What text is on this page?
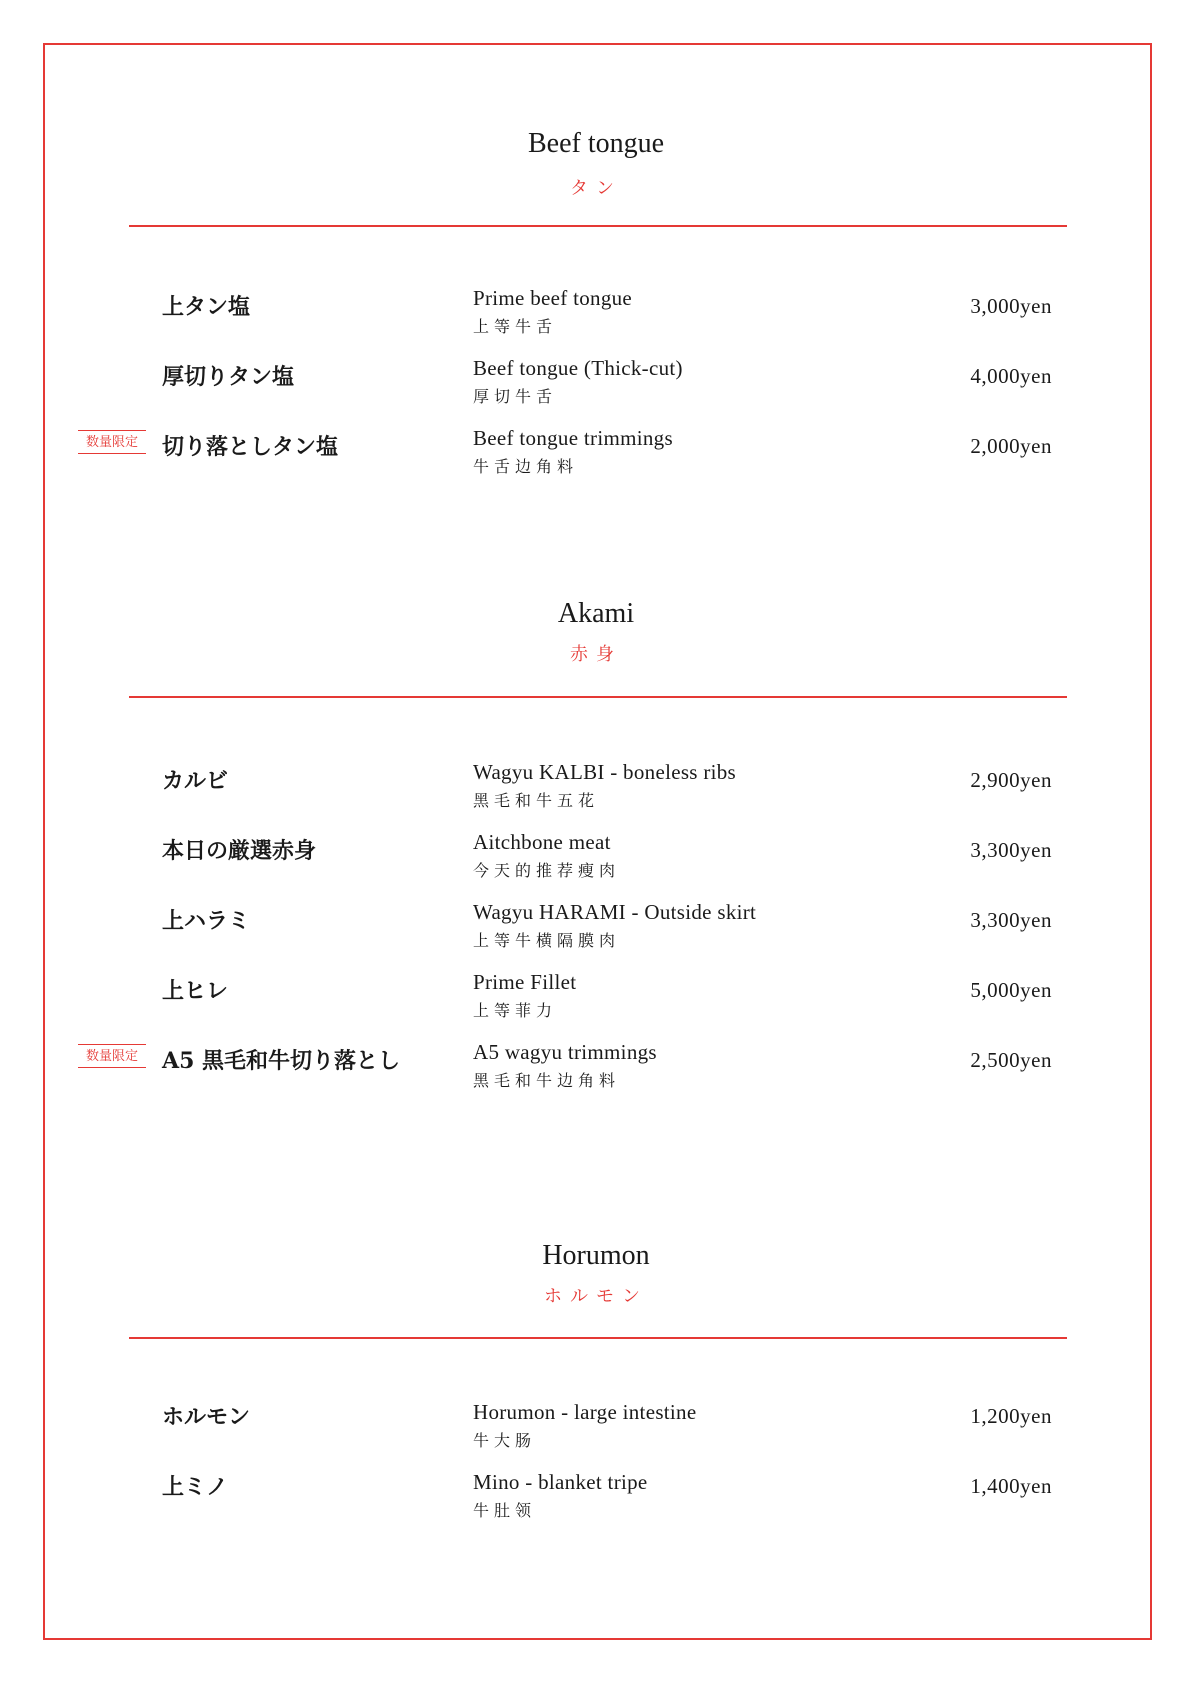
Beef tongue
タン
上タン塩	Prime beef tongue
上等牛舌
3,000yen
厚切りタン塩	Beef tongue (Thick-cut)
厚切牛舌
4,000yen
数量限定	切り落としタン塩	Beef tongue trimmings
牛舌边角料
2,000yen
Akami
赤身
カルビ	Wagyu KALBI - boneless ribs
黑毛和牛五花
2,900yen
本日の厳選赤身	Aitchbone meat
今天的推荐瘦肉
3,300yen
上ハラミ	Wagyu HARAMI - Outside skirt
上等牛横隔膜肉
3,300yen
上ヒレ	Prime Fillet
上等菲力
5,000yen
数量限定	A5 黒毛和牛切り落とし	A5 wagyu trimmings
黑毛和牛边角料
2,500yen
Horumon
ホルモン
ホルモン	Horumon - large intestine
牛大肠
1,200yen
上ミノ	Mino - blanket tripe
牛肚领
1,400yen
